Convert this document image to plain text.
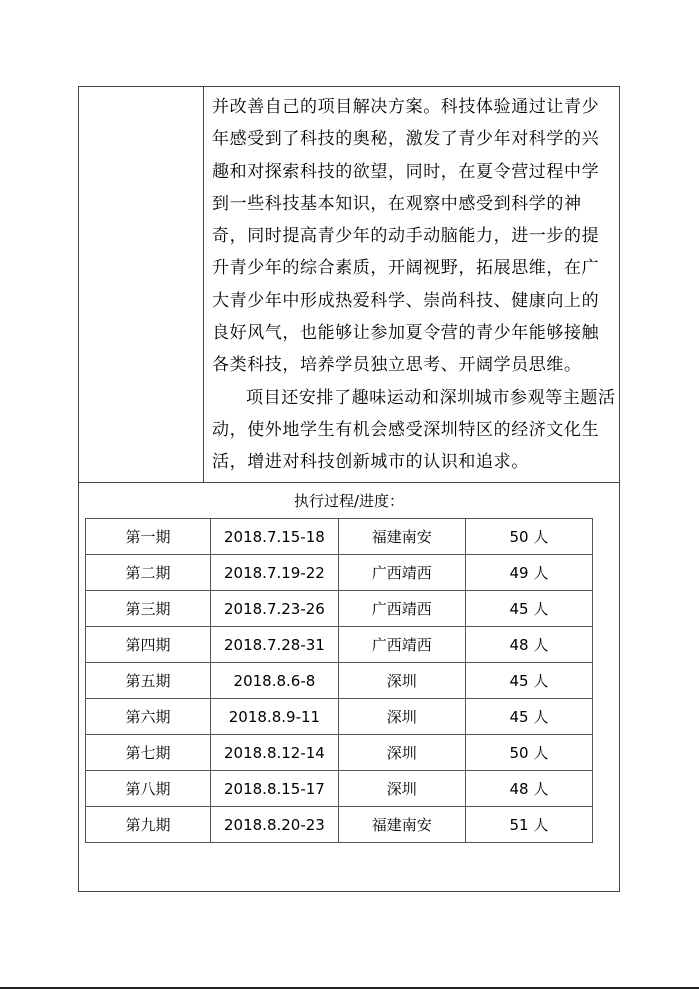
并改善自己的项目解决方案。科技体验通过让青少年感受到了科技的奥秘，激发了青少年对科学的兴趣和对探索科技的欲望，同时，在夏令营过程中学到一些科技基本知识，在观察中感受到科学的神奇，同时提高青少年的动手动脑能力，进一步的提升青少年的综合素质，开阔视野，拓展思维，在广大青少年中形成热爱科学、崇尚科技、健康向上的良好风气，也能够让参加夏令营的青少年能够接触各类科技，培养学员独立思考、开阔学员思维。

项目还安排了趣味运动和深圳城市参观等主题活动，使外地学生有机会感受深圳特区的经济文化生活，增进对科技创新城市的认识和追求。

执行过程/进度：
第一期	2018.7.15-18	福建南安	50 人
第二期	2018.7.19-22	广西靖西	49 人
第三期	2018.7.23-26	广西靖西	45 人
第四期	2018.7.28-31	广西靖西	48 人
第五期	2018.8.6-8	深圳	45 人
第六期	2018.8.9-11	深圳	45 人
第七期	2018.8.12-14	深圳	50 人
第八期	2018.8.15-17	深圳	48 人
第九期	2018.8.20-23	福建南安	51 人
